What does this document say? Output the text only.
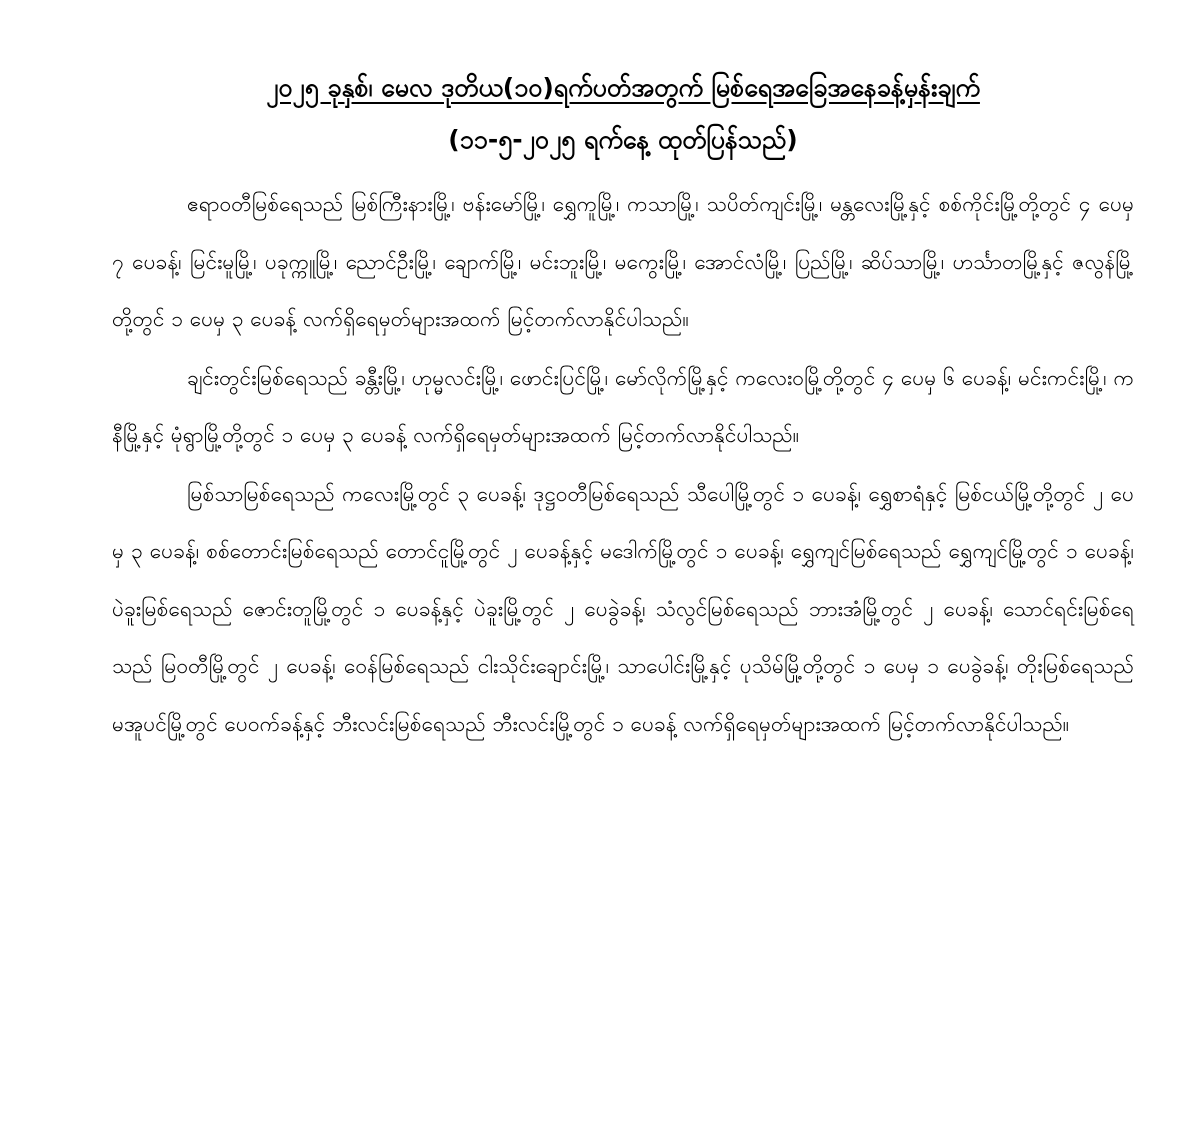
၂၀၂၅ ခုနှစ်၊ မေလ ဒုတိယ(၁၀)ရက်ပတ်အတွက် မြစ်ရေအခြေအနေခန့်မှန်းချက်
(၁၁-၅-၂၀၂၅ ရက်နေ့ ထုတ်ပြန်သည်)

ဧရာဝတီမြစ်ရေသည် မြစ်ကြီးနားမြို့၊ ဗန်းမော်မြို့၊ ရွှေကူမြို့၊ ကသာမြို့၊ သပိတ်ကျင်းမြို့၊ မန္တလေးမြို့နှင့် စစ်ကိုင်းမြို့တို့တွင် ၄ ပေမှ ၇ ပေခန့်၊ မြင်းမူမြို့၊ ပခုက္ကူမြို့၊ ညောင်ဦးမြို့၊ ချောက်မြို့၊ မင်းဘူးမြို့၊ မကွေးမြို့၊ အောင်လံမြို့၊ ပြည်မြို့၊ ဆိပ်သာမြို့၊ ဟင်္သာတမြို့နှင့် ဇလွန်မြို့တို့တွင် ၁ ပေမှ ၃ ပေခန့် လက်ရှိရေမှတ်များအထက် မြင့်တက်လာနိုင်ပါသည်။

ချင်းတွင်းမြစ်ရေသည် ခန္တီးမြို့၊ ဟုမ္မလင်းမြို့၊ ဖောင်းပြင်မြို့၊ မော်လိုက်မြို့နှင့် ကလေးဝမြို့တို့တွင် ၄ ပေမှ ၆ ပေခန့်၊ မင်းကင်းမြို့၊ ကနီမြို့နှင့် မုံရွာမြို့တို့တွင် ၁ ပေမှ ၃ ပေခန့် လက်ရှိရေမှတ်များအထက် မြင့်တက်လာနိုင်ပါသည်။

မြစ်သာမြစ်ရေသည် ကလေးမြို့တွင် ၃ ပေခန့်၊ ဒုဋ္ဌဝတီမြစ်ရေသည် သီပေါမြို့တွင် ၁ ပေခန့်၊ ရွှေစာရံနှင့် မြစ်ငယ်မြို့တို့တွင် ၂ ပေမှ ၃ ပေခန့်၊ စစ်တောင်းမြစ်ရေသည် တောင်ငူမြို့တွင် ၂ ပေခန့်နှင့် မဒေါက်မြို့တွင် ၁ ပေခန့်၊ ရွှေကျင်မြစ်ရေသည် ရွှေကျင်မြို့တွင် ၁ ပေခန့်၊ ပဲခူးမြစ်ရေသည် ဇောင်းတူမြို့တွင် ၁ ပေခန့်နှင့် ပဲခူးမြို့တွင် ၂ ပေခွဲခန့်၊ သံလွင်မြစ်ရေသည် ဘားအံမြို့တွင် ၂ ပေခန့်၊ သောင်ရင်းမြစ်ရေသည် မြဝတီမြို့တွင် ၂ ပေခန့်၊ ဝေန်မြစ်ရေသည် ငါးသိုင်းချောင်းမြို့၊ သာပေါင်းမြို့နှင့် ပုသိမ်မြို့တို့တွင် ၁ ပေမှ ၁ ပေခွဲခန့်၊ တိုးမြစ်ရေသည် မအူပင်မြို့တွင် ပေဝက်ခန့်နှင့် ဘီးလင်းမြစ်ရေသည် ဘီးလင်းမြို့တွင် ၁ ပေခန့် လက်ရှိရေမှတ်များအထက် မြင့်တက်လာနိုင်ပါသည်။
